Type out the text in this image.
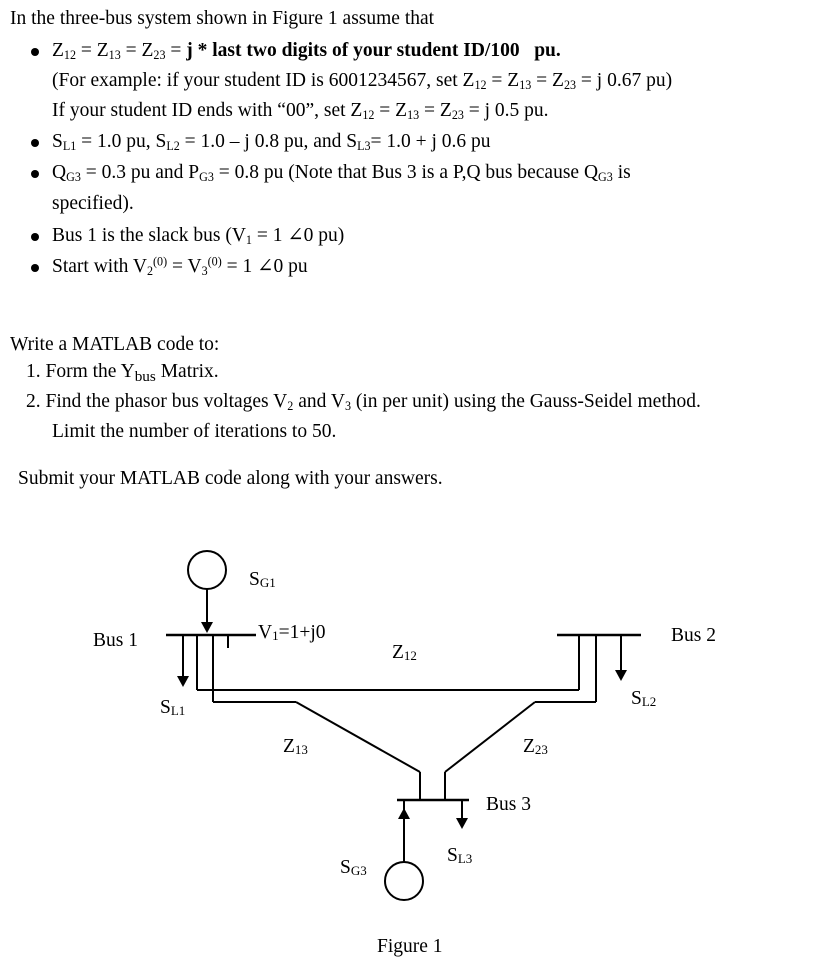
In the three-bus system shown in Figure 1 assume that
$Z_{12} = Z_{13} = Z_{23} = j$ * last two digits of your student ID/100   pu.
(For example: if your student ID is 6001234567, set $Z_{12} = Z_{13} = Z_{23} = j$ 0.67 pu)
If your student ID ends with “00”, set $Z_{12} = Z_{13} = Z_{23} = j$ 0.5 pu.
$S_{L1} = 1.0$ pu, $S_{L2} = 1.0 - j$ 0.8 pu, and $S_{L3}= 1.0 + j$ 0.6 pu
$Q_{G3} = 0.3$ pu and $P_{G3} = 0.8$ pu (Note that Bus 3 is a P,Q bus because $Q_{G3}$ is
specified).
Bus 1 is the slack bus ($V_1 = 1$ ∠0 pu)
Start with $V_2^{(0)} = V_3^{(0)} = 1$ ∠0 pu
Write a MATLAB code to:
1. Form the $Y_{bus}$ Matrix.
2. Find the phasor bus voltages $V_2$ and $V_3$ (in per unit) using the Gauss-Seidel method.
Limit the number of iterations to 50.
Submit your MATLAB code along with your answers.
Bus 1	Bus 2
Bus 3
SG1
V1=1+j0
Z12
SL1
SL2
Z13	Z23
SG3
SL3
Figure 1
